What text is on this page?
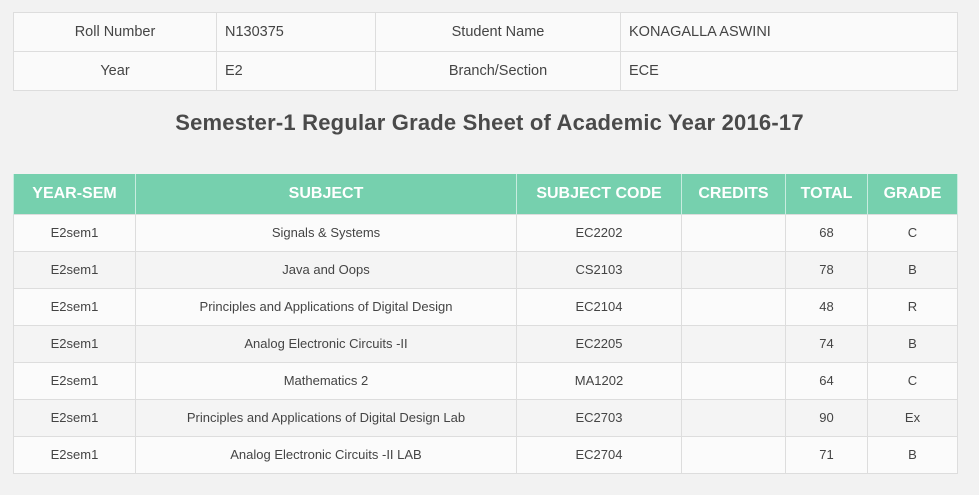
Roll Number	N130375	Student Name	KONAGALLA ASWINI
Year	E2	Branch/Section	ECE
Semester-1 Regular Grade Sheet of Academic Year 2016-17
YEAR-SEM	SUBJECT	SUBJECT CODE	CREDITS	TOTAL	GRADE
E2sem1	Signals & Systems	EC2202		68	C
E2sem1	Java and Oops	CS2103		78	B
E2sem1	Principles and Applications of Digital Design	EC2104		48	R
E2sem1	Analog Electronic Circuits -II	EC2205		74	B
E2sem1	Mathematics 2	MA1202		64	C
E2sem1	Principles and Applications of Digital Design Lab	EC2703		90	Ex
E2sem1	Analog Electronic Circuits -II LAB	EC2704		71	B
